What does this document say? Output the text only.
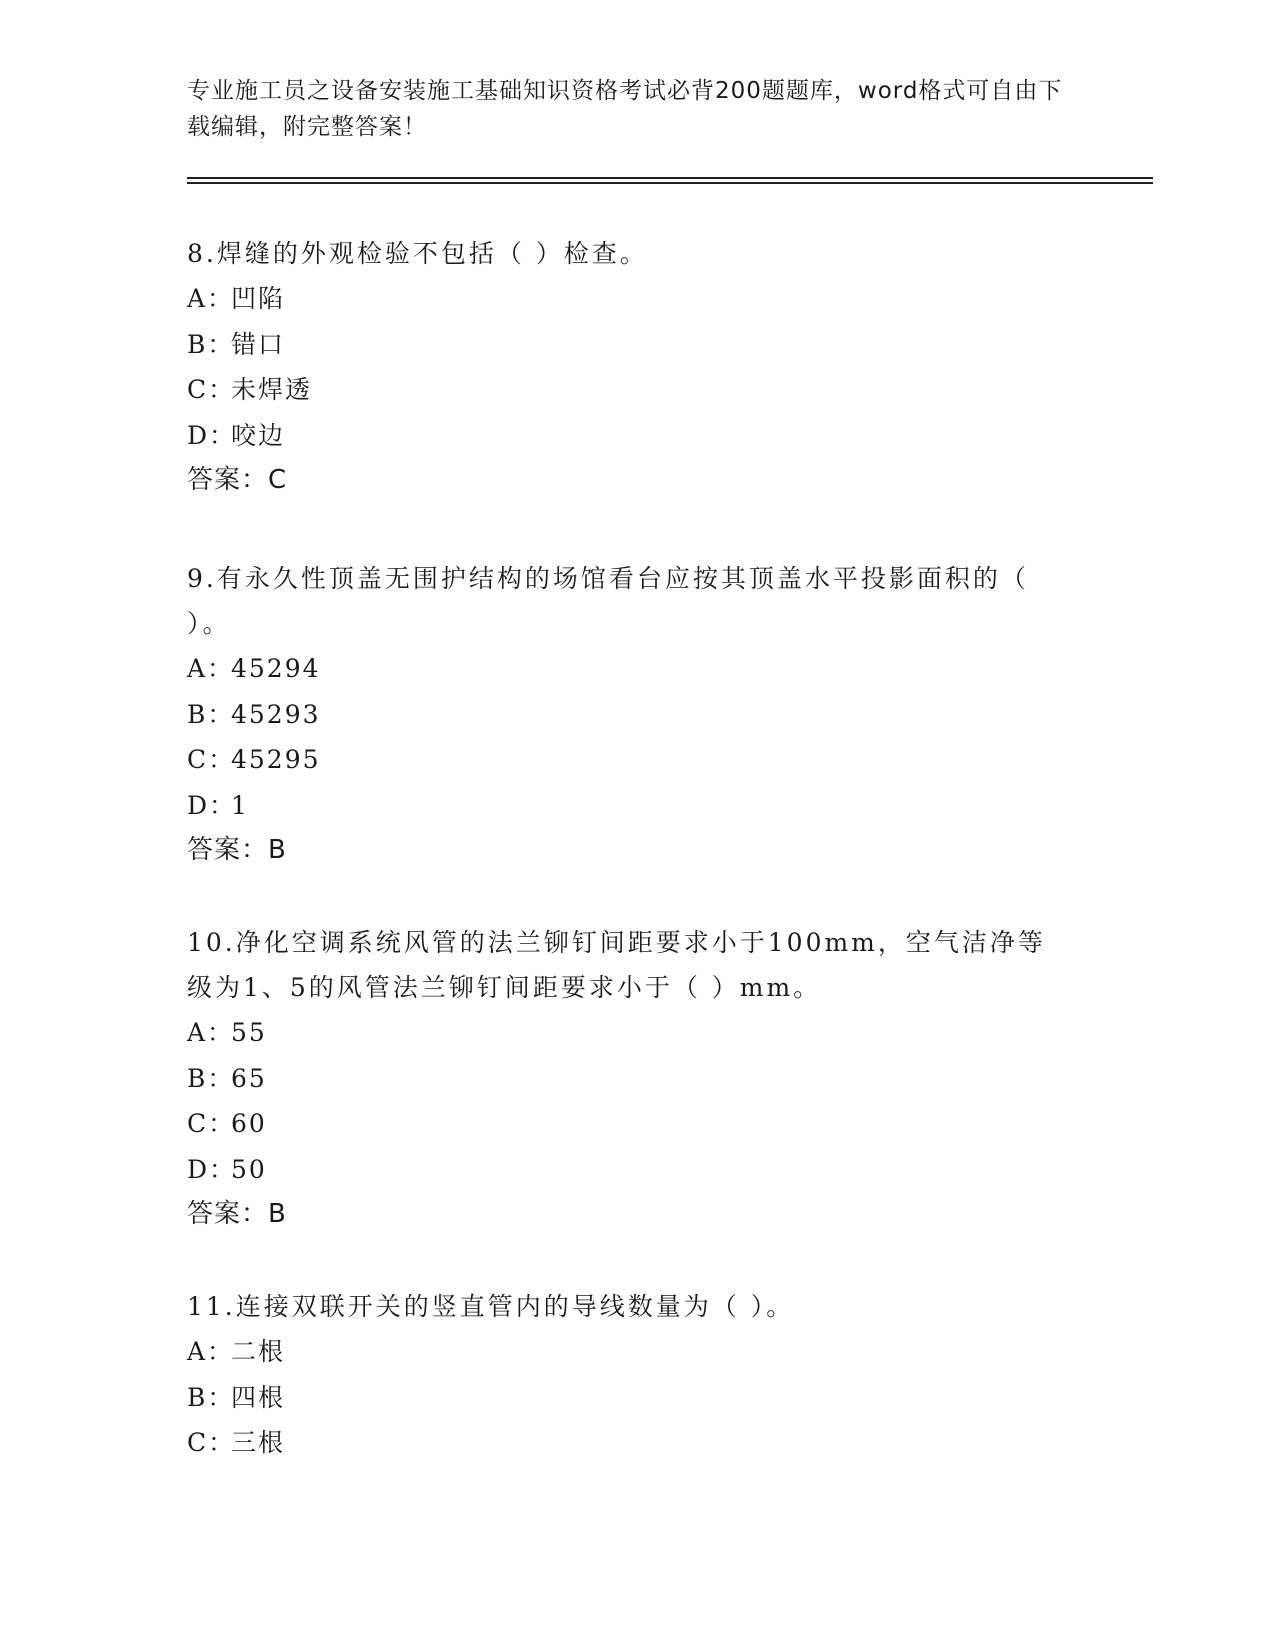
专业施工员之设备安装施工基础知识资格考试必背200题题库，word格式可自由下载编辑，附完整答案！
8.焊缝的外观检验不包括（ ）检查。
A：
凹陷
B：
错口
C：
未焊透
D：
咬边
答案：C
9.有永久性顶盖无围护结构的场馆看台应按其顶盖水平投影面积的（ ）。
A：
45294
B：
45293
C：
45295
D：
1
答案：B
10.净化空调系统风管的法兰铆钉间距要求小于100mm，空气洁净等级为1、5的风管法兰铆钉间距要求小于（ ）mm。
A：
55
B：
65
C：
60
D：
50
答案：B
11.连接双联开关的竖直管内的导线数量为（ ）。
A：
二根
B：
四根
C：
三根
